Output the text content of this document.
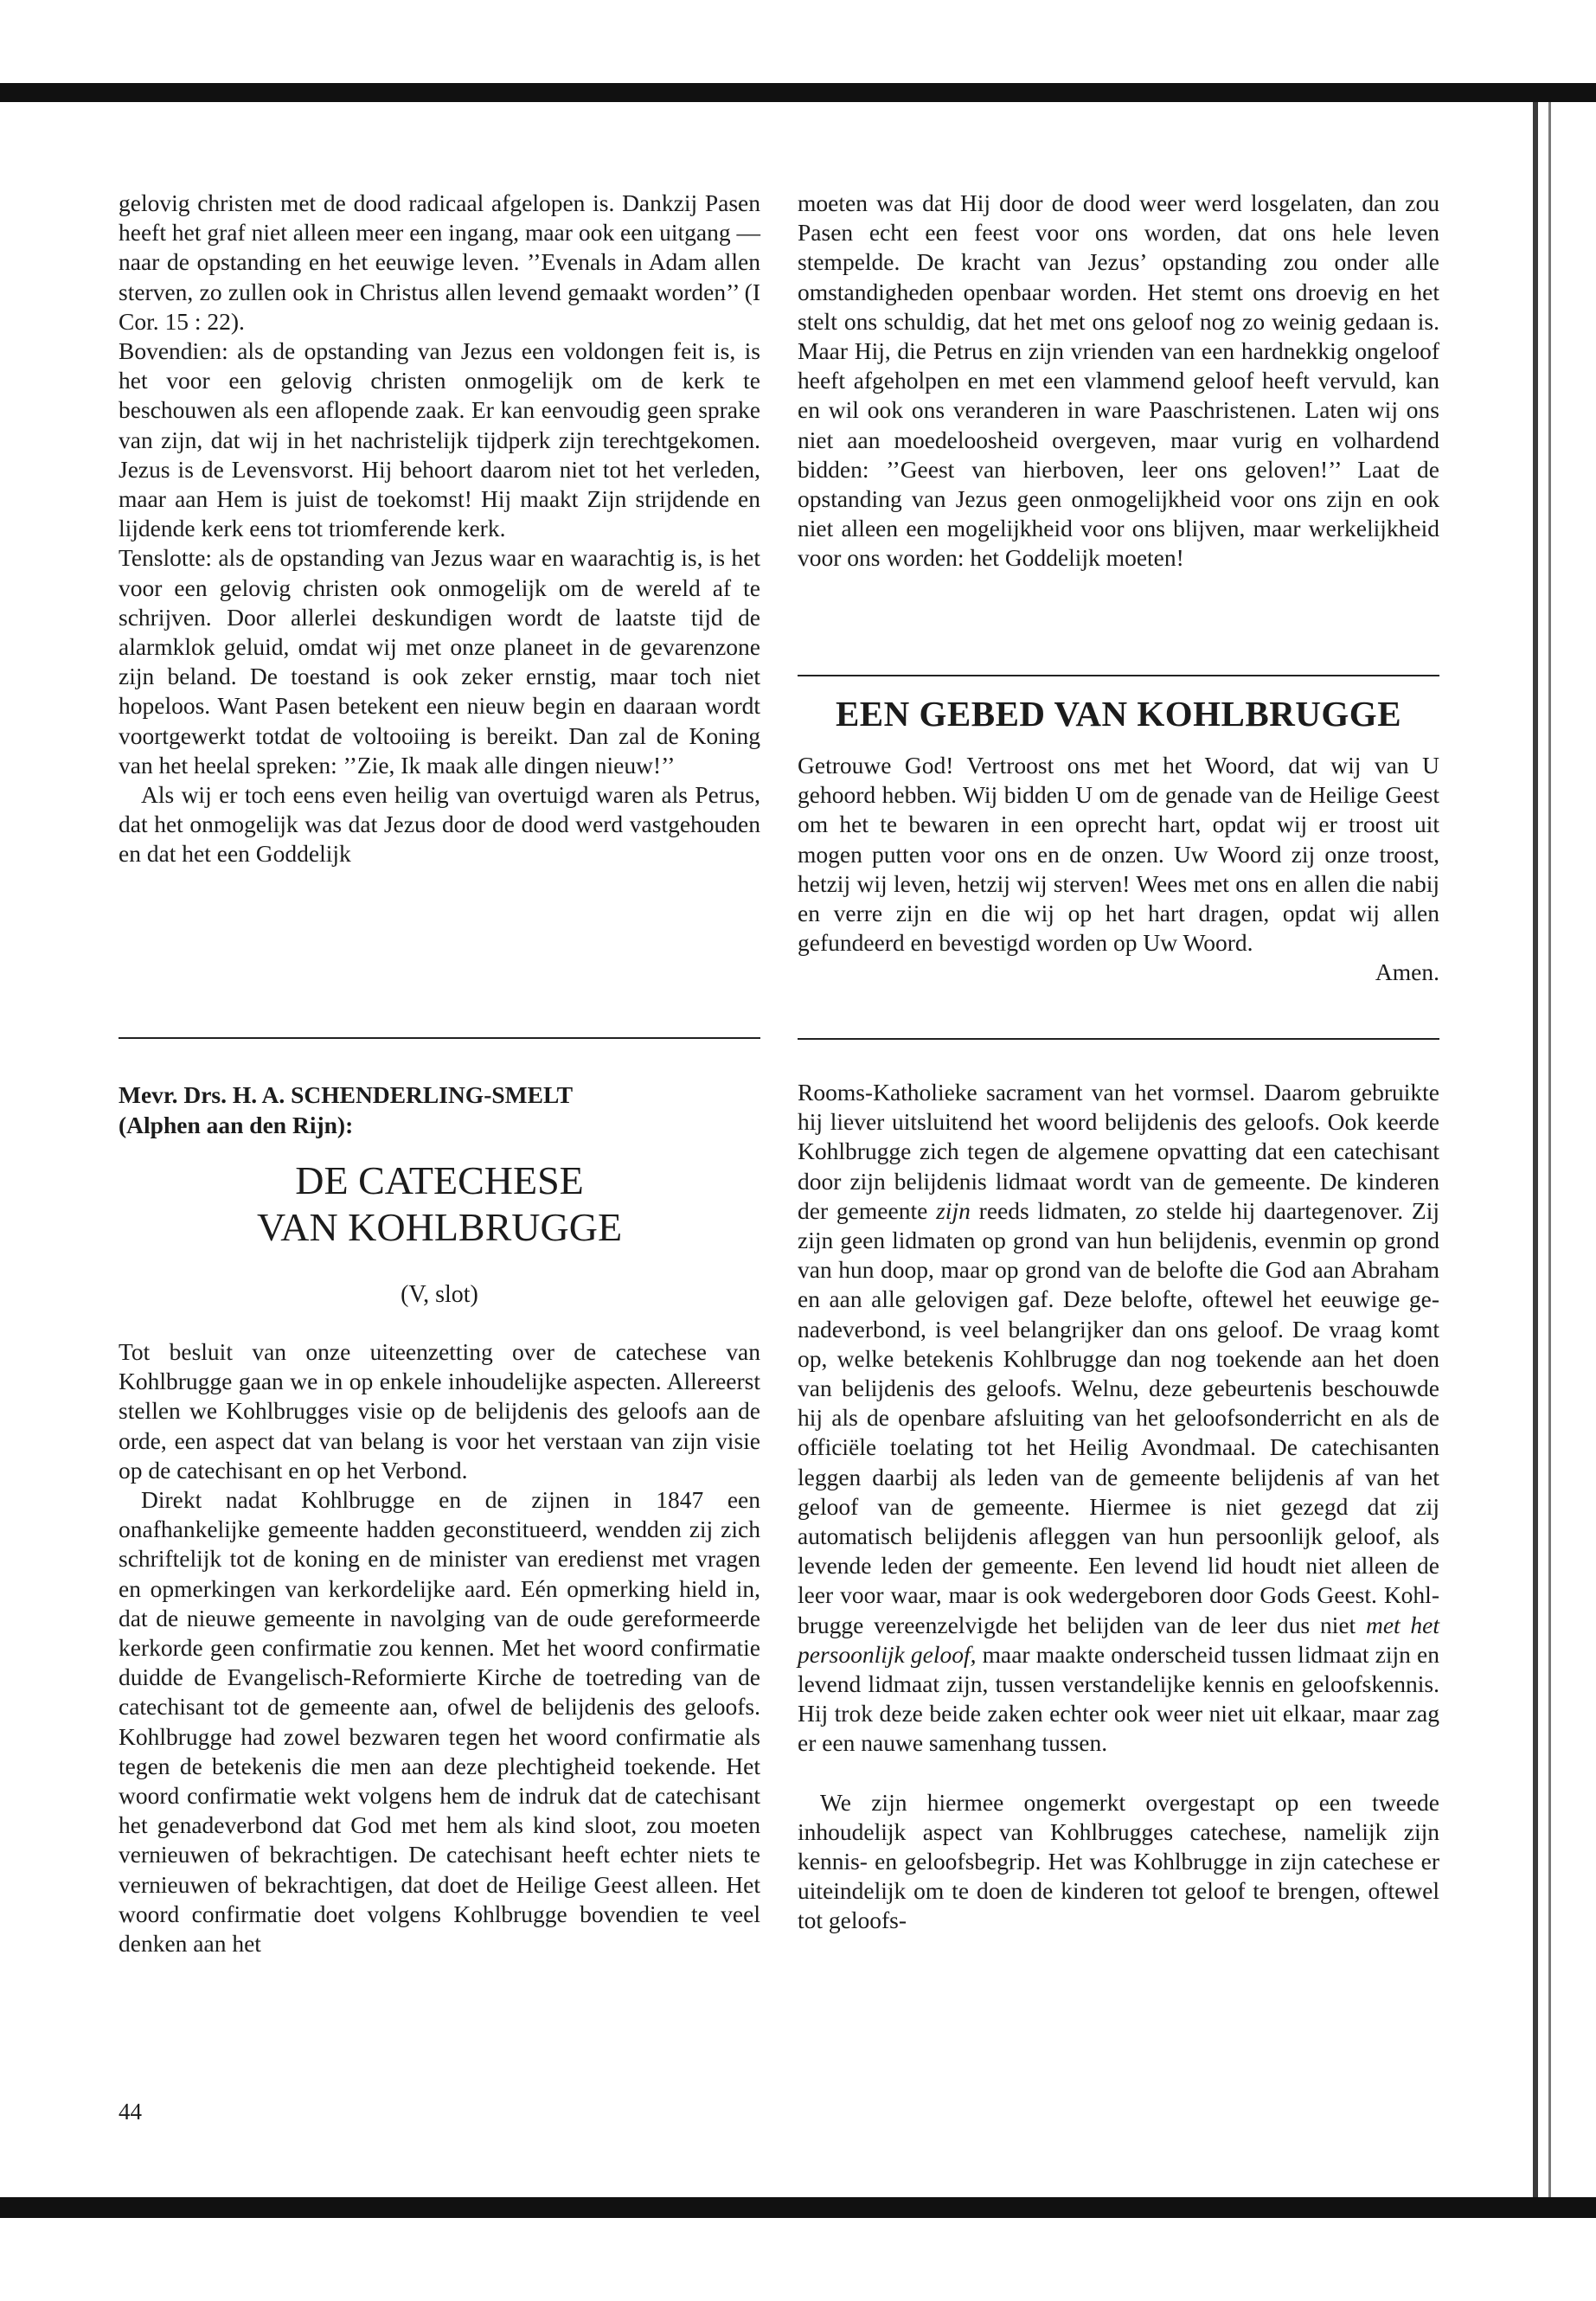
gelovig christen met de dood radicaal afgelopen is. Dankzij Pasen heeft het graf niet alleen meer een ingang, maar ook een uitgang — naar de opstanding en het eeuwige leven. ’’Evenals in Adam allen sterven, zo zullen ook in Christus allen levend gemaakt worden’’ (I Cor. 15 : 22).

Bovendien: als de opstanding van Jezus een voldongen feit is, is het voor een gelovig christen onmogelijk om de kerk te beschouwen als een aflopende zaak. Er kan eenvoudig geen sprake van zijn, dat wij in het nachristelijk tijdperk zijn terechtgekomen. Jezus is de Levensvorst. Hij behoort daarom niet tot het verleden, maar aan Hem is juist de toekomst! Hij maakt Zijn strijdende en lijdende kerk eens tot triomferende kerk.

Tenslotte: als de opstanding van Jezus waar en waarachtig is, is het voor een gelovig christen ook onmogelijk om de wereld af te schrijven. Door allerlei deskundigen wordt de laatste tijd de alarmklok geluid, omdat wij met onze planeet in de gevarenzone zijn beland. De toestand is ook zeker ernstig, maar toch niet hopeloos. Want Pasen betekent een nieuw begin en daaraan wordt voortgewerkt totdat de voltooiing is bereikt. Dan zal de Koning van het heelal spreken: ’’Zie, Ik maak alle dingen nieuw!’’

Als wij er toch eens even heilig van overtuigd waren als Petrus, dat het onmogelijk was dat Jezus door de dood werd vastgehouden en dat het een Goddelijk

moeten was dat Hij door de dood weer werd losgelaten, dan zou Pasen echt een feest voor ons worden, dat ons hele leven stempelde. De kracht van Jezus’ opstanding zou onder alle omstandigheden openbaar worden. Het stemt ons droevig en het stelt ons schuldig, dat het met ons geloof nog zo weinig gedaan is. Maar Hij, die Petrus en zijn vrienden van een hardnekkig ongeloof heeft afgeholpen en met een vlammend geloof heeft vervuld, kan en wil ook ons veranderen in ware Paaschristenen. Laten wij ons niet aan moedeloosheid overgeven, maar vurig en volhardend bidden: ’’Geest van hierboven, leer ons geloven!’’ Laat de opstanding van Jezus geen onmogelijkheid voor ons zijn en ook niet alleen een mogelijkheid voor ons blijven, maar werkelijkheid voor ons worden: het Goddelijk moeten!

EEN GEBED VAN KOHLBRUGGE

Getrouwe God! Vertroost ons met het Woord, dat wij van U gehoord hebben. Wij bidden U om de genade van de Heilige Geest om het te bewaren in een oprecht hart, opdat wij er troost uit mogen putten voor ons en de onzen. Uw Woord zij onze troost, hetzij wij leven, hetzij wij sterven! Wees met ons en allen die nabij en verre zijn en die wij op het hart dragen, opdat wij allen gefundeerd en bevestigd worden op Uw Woord.

Amen.

Mevr. Drs. H. A. SCHENDERLING-SMELT
(Alphen aan den Rijn):
DE CATECHESE
VAN KOHLBRUGGE
(V, slot)

Tot besluit van onze uiteenzetting over de catechese van Kohlbrugge gaan we in op enkele inhoudelijke aspecten. Allereerst stellen we Kohlbrugges visie op de belijdenis des geloofs aan de orde, een aspect dat van belang is voor het verstaan van zijn visie op de catechisant en op het Verbond.

Direkt nadat Kohlbrugge en de zijnen in 1847 een onafhankelijke gemeente hadden geconstitueerd, wendden zij zich schriftelijk tot de koning en de minister van eredienst met vragen en opmerkingen van kerkordelijke aard. Eén opmerking hield in, dat de nieuwe gemeente in navolging van de oude gereformeerde kerkorde geen confirmatie zou kennen. Met het woord confirmatie duidde de Evangelisch-Reformierte Kirche de toetreding van de catechisant tot de gemeente aan, ofwel de belijdenis des geloofs. Kohlbrugge had zowel bezwaren tegen het woord confirmatie als tegen de betekenis die men aan deze plechtigheid toekende. Het woord confirmatie wekt volgens hem de indruk dat de catechisant het genadeverbond dat God met hem als kind sloot, zou moeten vernieuwen of bekrachtigen. De catechisant heeft echter niets te vernieuwen of bekrachtigen, dat doet de Heilige Geest alleen. Het woord confirmatie doet volgens Kohlbrugge bovendien te veel denken aan het

Rooms-Katholieke sacrament van het vormsel. Daarom gebruikte hij liever uitsluitend het woord belijdenis des geloofs. Ook keerde Kohlbrugge zich tegen de algemene opvatting dat een catechisant door zijn belijdenis lidmaat wordt van de gemeente. De kinderen der gemeente zijn reeds lidmaten, zo stelde hij daartegenover. Zij zijn geen lidmaten op grond van hun belijdenis, evenmin op grond van hun doop, maar op grond van de belofte die God aan Abraham en aan alle gelovigen gaf. Deze belofte, oftewel het eeuwige genadeverbond, is veel belangrijker dan ons geloof. De vraag komt op, welke betekenis Kohlbrugge dan nog toekende aan het doen van belijdenis des geloofs. Welnu, deze gebeurtenis beschouwde hij als de openbare afsluiting van het geloofsonderricht en als de officiële toelating tot het Heilig Avondmaal. De catechisanten leggen daarbij als leden van de gemeente belijdenis af van het geloof van de gemeente. Hiermee is niet gezegd dat zij automatisch belijdenis afleggen van hun persoonlijk geloof, als levende leden der gemeente. Een levend lid houdt niet alleen de leer voor waar, maar is ook wedergeboren door Gods Geest. Kohlbrugge vereenzelvigde het belijden van de leer dus niet met het persoonlijk geloof, maar maakte onderscheid tussen lidmaat zijn en levend lidmaat zijn, tussen verstandelijke kennis en geloofskennis. Hij trok deze beide zaken echter ook weer niet uit elkaar, maar zag er een nauwe samenhang tussen.

We zijn hiermee ongemerkt overgestapt op een tweede inhoudelijk aspect van Kohlbrugges catechese, namelijk zijn kennis- en geloofsbegrip. Het was Kohlbrugge in zijn catechese er uiteindelijk om te doen de kinderen tot geloof te brengen, oftewel tot geloofs-

44
